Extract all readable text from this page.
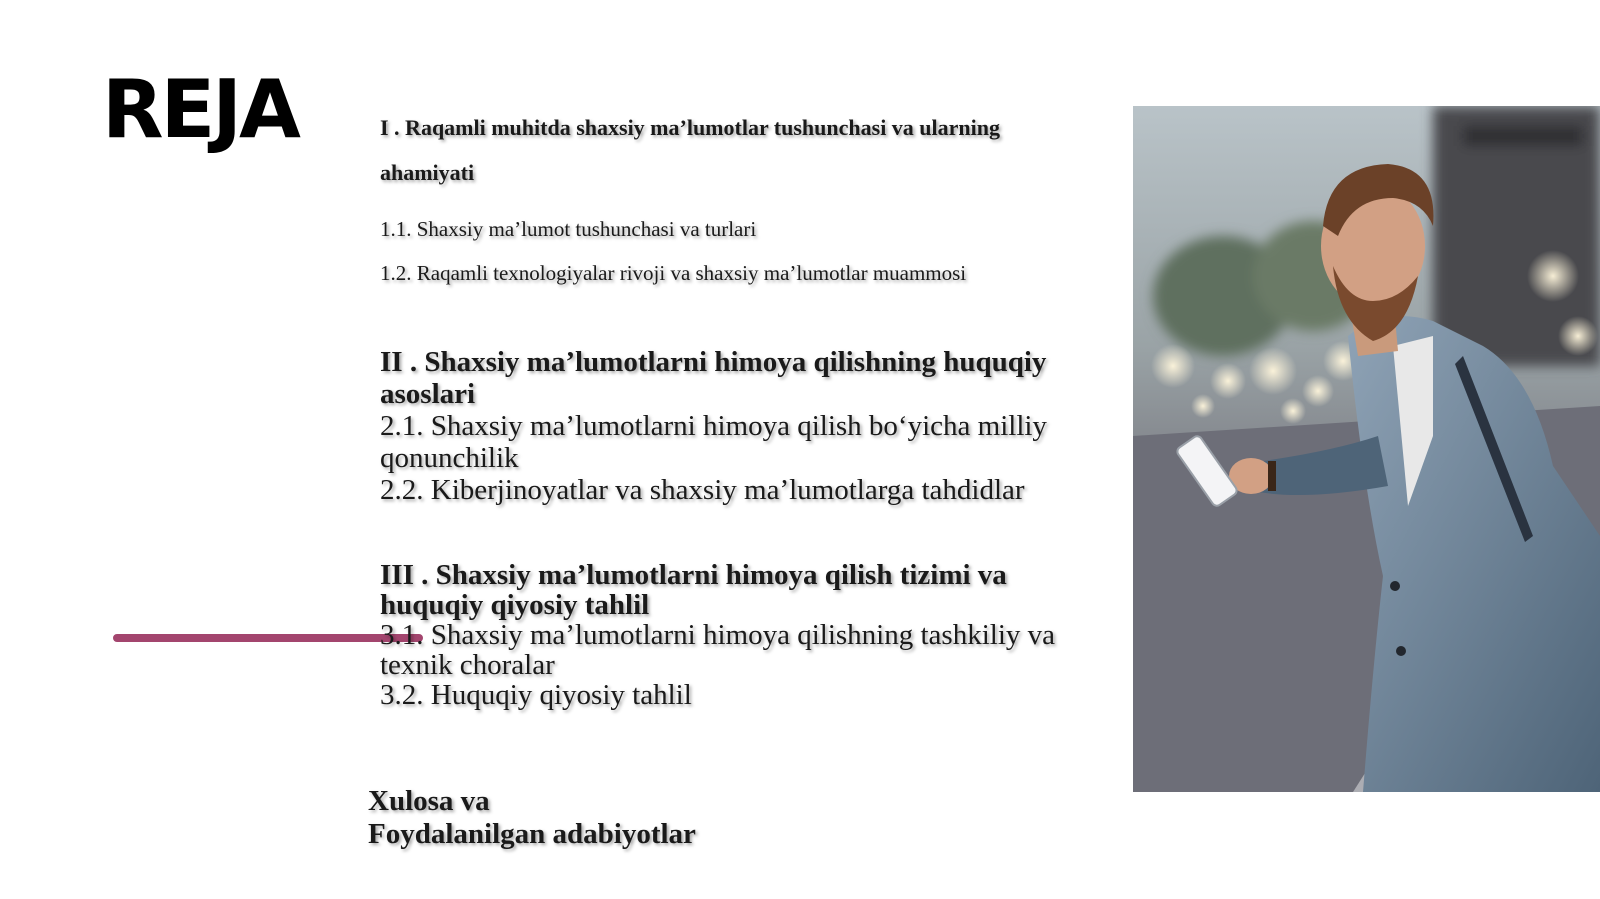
REJA	I . Raqamli muhitda shaxsiy ma’lumotlar tushunchasi va ularning ahamiyati

1.1. Shaxsiy ma’lumot tushunchasi va turlari

1.2. Raqamli texnologiyalar rivoji va shaxsiy ma’lumotlar muammosi

II . Shaxsiy ma’lumotlarni himoya qilishning huquqiy asoslari
2.1. Shaxsiy ma’lumotlarni himoya qilish bo‘yicha milliy qonunchilik
2.2. Kiberjinoyatlar va shaxsiy ma’lumotlarga tahdidlar
III . Shaxsiy ma’lumotlarni himoya qilish tizimi va huquqiy qiyosiy tahlil
3.1. Shaxsiy ma’lumotlarni himoya qilishning tashkiliy va texnik choralar
3.2. Huquqiy qiyosiy tahlil
Xulosa va
Foydalanilgan adabiyotlar
